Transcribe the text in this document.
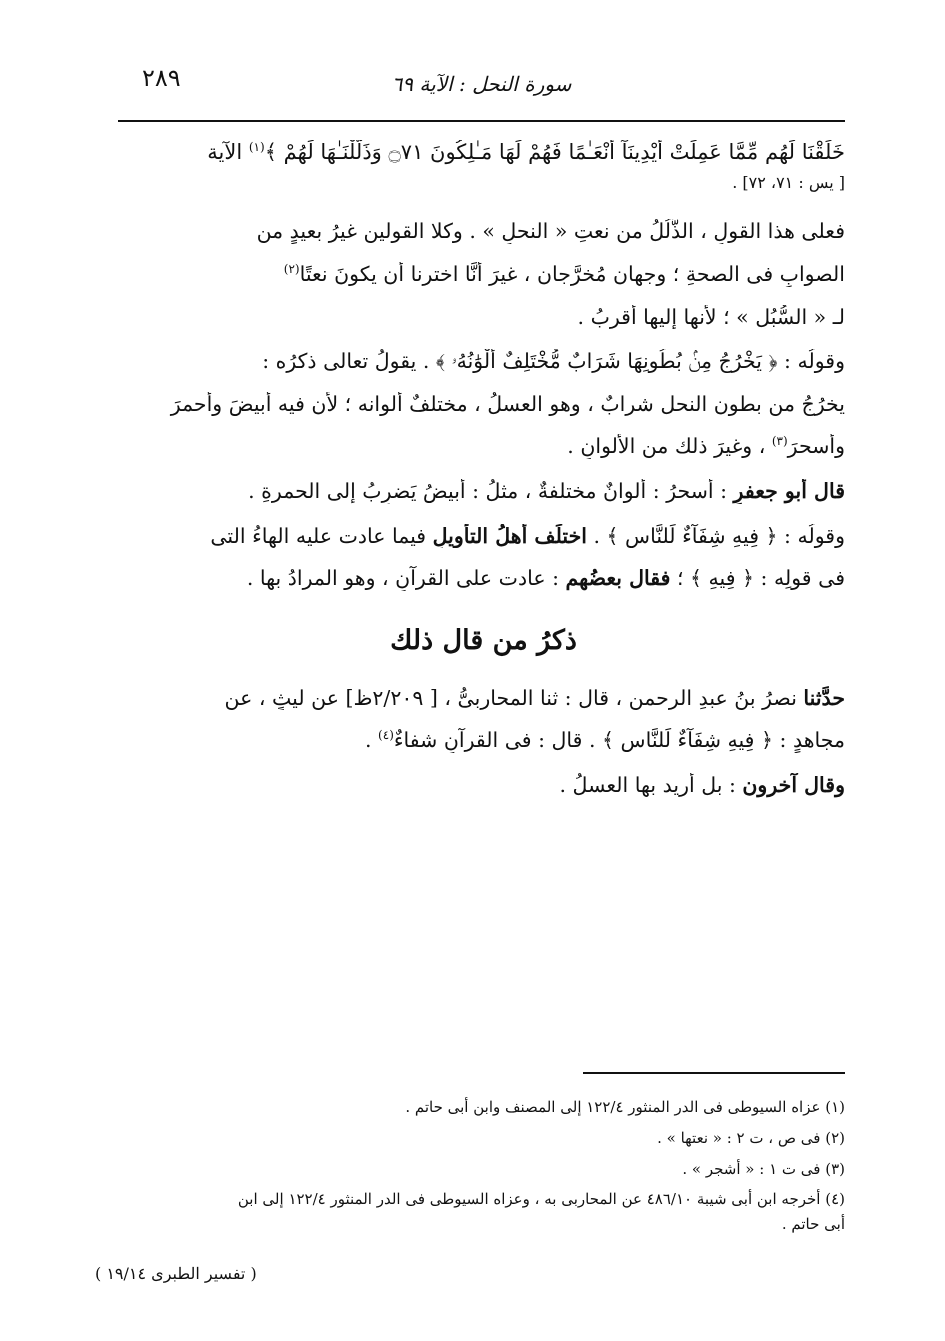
٢٨٩	سورة النحل : الآية ٦٩

خَلَقْنَا لَهُم مِّمَّا عَمِلَتْ أَيْدِينَآ أَنْعَـٰمًا فَهُمْ لَهَا مَـٰلِكُونَ ۝٧١ وَذَلَّلْنَـٰهَا لَهُمْ ﴾$^{(١)}$ الآية

[ يس : ٧١، ٧٢] .

فعلى هذا القولِ ، الذُّلُلُ من نعتِ « النحلِ » . وكلا القولين غيرُ بعيدٍ من

الصوابِ فى الصحةِ ؛ وجهان مُخرَّجان ، غيرَ أنَّا اخترنا أن يكونَ نعتًا$^{(٢)}$

لـ « السُّبُلِ » ؛ لأنها إليها أقربُ .

وقولُه : ﴿ يَخْرُجُ مِنۢ بُطُونِهَا شَرَابٌ مُّخْتَلِفٌ أَلْوَٰنُهُۥ ﴾ . يقولُ تعالى ذكرُه :

يخرُجُ من بطونِ النحلِ شرابٌ ، وهو العسلُ ، مختلفٌ ألوانه ؛ لأن فيه أبيضَ وأحمرَ

وأسحرَ$^{(٣)}$ ، وغيرَ ذلك من الألوانِ .

قال أبو جعفرٍ : أسحرُ : ألوانٌ مختلفةٌ ، مثلُ : أبيضُ يَضرِبُ إلى الحمرةِ .

وقولُه : ﴿ فِيهِ شِفَآءٌ لِّلنَّاسِ ﴾ . اختلَف أهلُ التأويلِ فيما عادت عليه الهاءُ التى

فى قولِه : ﴿ فِيهِ ﴾ ؛ فقال بعضُهم : عادت على القرآنِ ، وهو المرادُ بها .

ذكرُ من قال ذلك

حدَّثنا نصرُ بنُ عبدِ الرحمنِ ، قال : ثنا المحاربىُّ ، [ ٢/٢٠٩ظ] عن ليثٍ ، عن

مجاهدٍ : ﴿ فِيهِ شِفَآءٌ لِّلنَّاسِ ﴾ . قال : فى القرآنِ شفاءٌ$^{(٤)}$ .

وقال آخرون : بل أُريد بها العسلُ .

(١) عزاه السيوطى فى الدر المنثور ١٢٢/٤ إلى المصنف وابن أبى حاتم .

(٢) فى ص ، ت ٢ : « نعتها » .

(٣) فى ت ١ : « أشجر » .

(٤) أخرجه ابن أبى شيبة ٤٨٦/١٠ عن المحاربى به ، وعزاه السيوطى فى الدر المنثور ١٢٢/٤ إلى ابن

أبى حاتم .

( تفسير الطبرى ١٩/١٤ )
